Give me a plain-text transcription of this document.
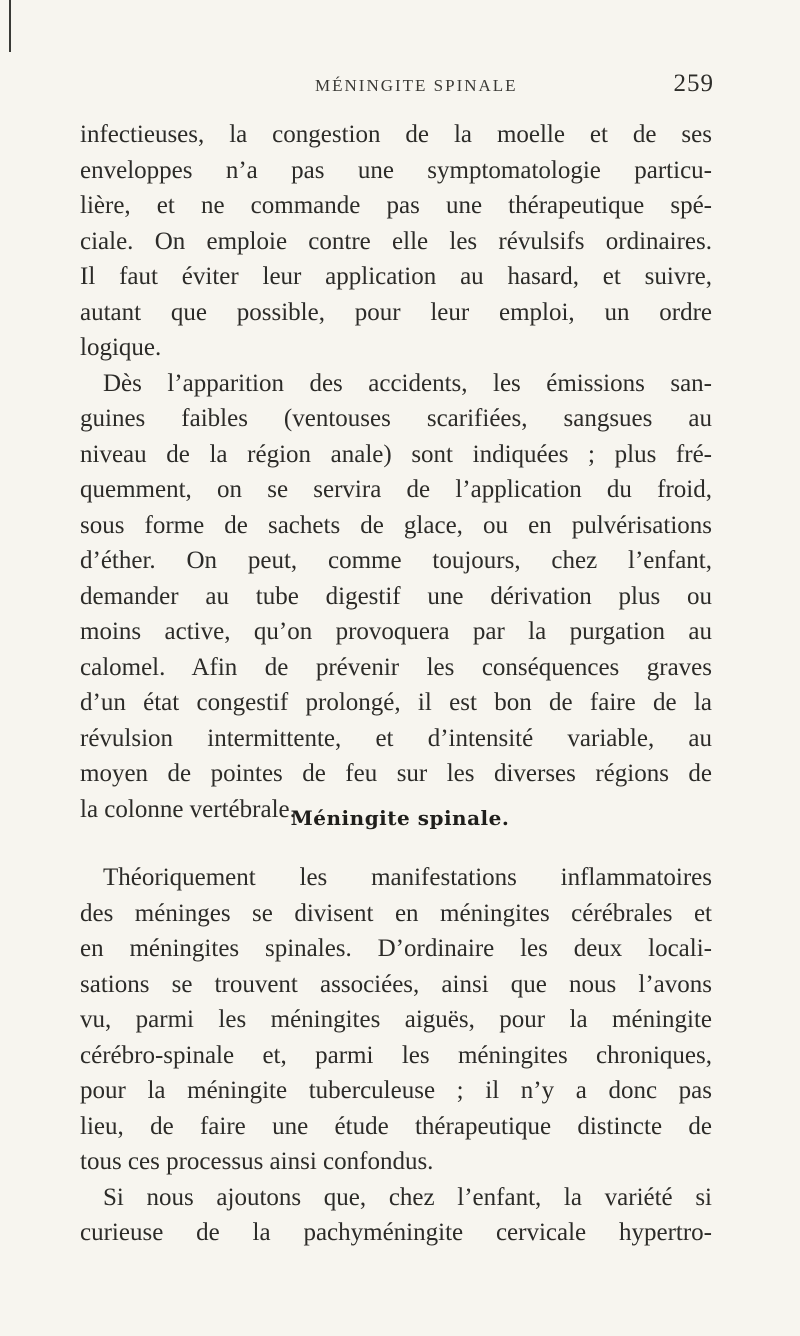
MÉNINGITE SPINALE	259
infectieuses, la congestion de la moelle et de ses
enveloppes n’a pas une symptomatologie particu-
lière, et ne commande pas une thérapeutique spé-
ciale. On emploie contre elle les révulsifs ordinaires.
Il faut éviter leur application au hasard, et suivre,
autant que possible, pour leur emploi, un ordre
logique.
Dès l’apparition des accidents, les émissions san-
guines faibles (ventouses scarifiées, sangsues au
niveau de la région anale) sont indiquées ; plus fré-
quemment, on se servira de l’application du froid,
sous forme de sachets de glace, ou en pulvérisations
d’éther. On peut, comme toujours, chez l’enfant,
demander au tube digestif une dérivation plus ou
moins active, qu’on provoquera par la purgation au
calomel. Afin de prévenir les conséquences graves
d’un état congestif prolongé, il est bon de faire de la
révulsion intermittente, et d’intensité variable, au
moyen de pointes de feu sur les diverses régions de
la colonne vertébrale.
Méningite spinale.
Théoriquement les manifestations inflammatoires
des méninges se divisent en méningites cérébrales et
en méningites spinales. D’ordinaire les deux locali-
sations se trouvent associées, ainsi que nous l’avons
vu, parmi les méningites aiguës, pour la méningite
cérébro-spinale et, parmi les méningites chroniques,
pour la méningite tuberculeuse ; il n’y a donc pas
lieu, de faire une étude thérapeutique distincte de
tous ces processus ainsi confondus.
Si nous ajoutons que, chez l’enfant, la variété si
curieuse de la pachyméningite cervicale hypertro-
